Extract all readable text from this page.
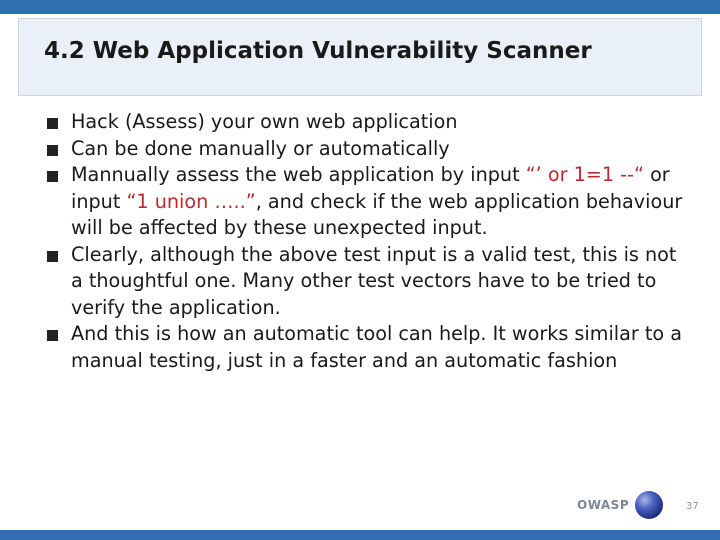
4.2 Web Application Vulnerability Scanner
Hack (Assess) your own web application
Can be done manually or automatically
Mannually assess the web application by input “’ or 1=1 --“ or input “1 union …..”, and check if the web application behaviour will be affected by these unexpected input.
Clearly, although the above test input is a valid test, this is not a thoughtful one. Many other test vectors have to be tried to verify the application.
And this is how an automatic tool can help. It works similar to a manual testing, just in a faster and an automatic fashion
OWASP	37
